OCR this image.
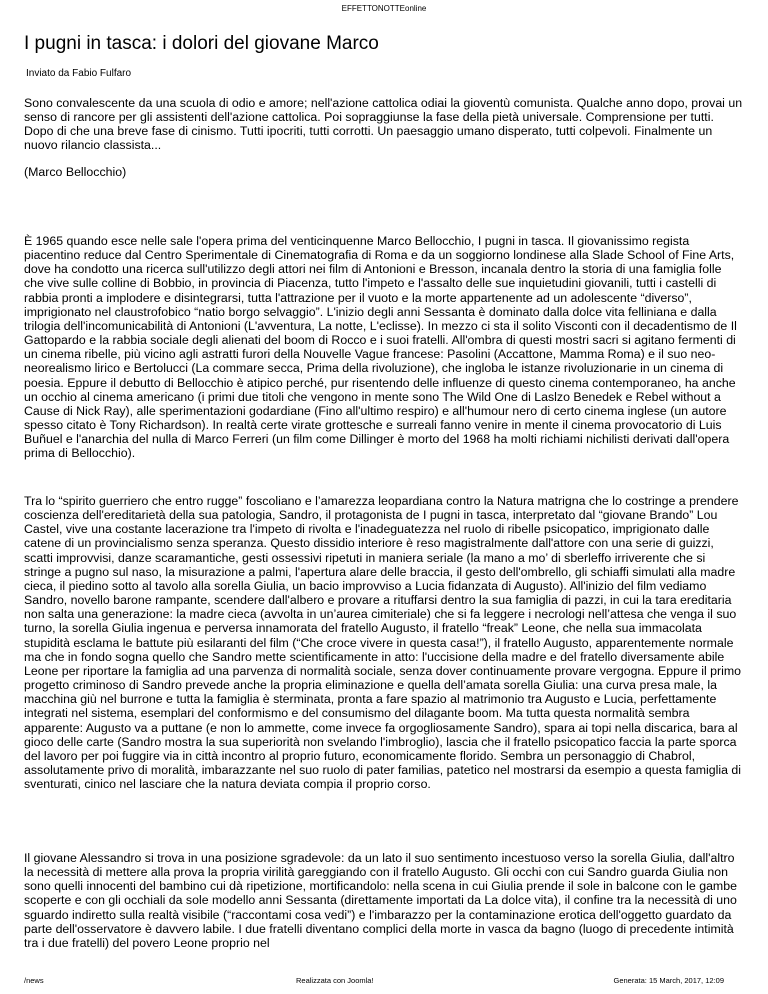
EFFETTONOTTEonline
I pugni in tasca: i dolori del giovane Marco
Inviato da Fabio Fulfaro

Sono convalescente da una scuola di odio e amore; nell'azione cattolica odiai la gioventù comunista. Qualche anno dopo, provai un senso di rancore per gli assistenti dell'azione cattolica. Poi sopraggiunse la fase della pietà universale. Comprensione per tutti. Dopo di che una breve fase di cinismo. Tutti ipocriti, tutti corrotti. Un paesaggio umano disperato, tutti colpevoli. Finalmente un nuovo rilancio classista...

(Marco Bellocchio)

È 1965 quando esce nelle sale l'opera prima del venticinquenne Marco Bellocchio, I pugni in tasca. Il giovanissimo regista piacentino reduce dal Centro Sperimentale di Cinematografia di Roma e da un soggiorno londinese alla Slade School of Fine Arts, dove ha condotto una ricerca sull'utilizzo degli attori nei film di Antonioni e Bresson, incanala dentro la storia di una famiglia folle che vive sulle colline di Bobbio, in provincia di Piacenza, tutto l'impeto e l'assalto delle sue inquietudini giovanili, tutti i castelli di rabbia pronti a implodere e disintegrarsi, tutta l'attrazione per il vuoto e la morte appartenente ad un adolescente “diverso”, imprigionato nel claustrofobico “natio borgo selvaggio”. L'inizio degli anni Sessanta è dominato dalla dolce vita felliniana e dalla trilogia dell'incomunicabilità di Antonioni (L'avventura, La notte, L'eclisse). In mezzo ci sta il solito Visconti con il decadentismo de Il Gattopardo e la rabbia sociale degli alienati del boom di Rocco e i suoi fratelli. All'ombra di questi mostri sacri si agitano fermenti di un cinema ribelle, più vicino agli astratti furori della Nouvelle Vague francese: Pasolini (Accattone, Mamma Roma) e il suo neo-neorealismo lirico e Bertolucci (La commare secca, Prima della rivoluzione), che ingloba le istanze rivoluzionarie in un cinema di poesia. Eppure il debutto di Bellocchio è atipico perché, pur risentendo delle influenze di questo cinema contemporaneo, ha anche un occhio al cinema americano (i primi due titoli che vengono in mente sono The Wild One di Laslzo Benedek e Rebel without a Cause di Nick Ray), alle sperimentazioni godardiane (Fino all'ultimo respiro) e all'humour nero di certo cinema inglese (un autore spesso citato è Tony Richardson). In realtà certe virate grottesche e surreali fanno venire in mente il cinema provocatorio di Luis Buñuel e l'anarchia del nulla di Marco Ferreri (un film come Dillinger è morto del 1968 ha molti richiami nichilisti derivati dall'opera prima di Bellocchio).

Tra lo “spirito guerriero che entro rugge” foscoliano e l’amarezza leopardiana contro la Natura matrigna che lo costringe a prendere coscienza dell'ereditarietà della sua patologia, Sandro, il protagonista de I pugni in tasca, interpretato dal “giovane Brando” Lou Castel, vive una costante lacerazione tra l'impeto di rivolta e l'inadeguatezza nel ruolo di ribelle psicopatico, imprigionato dalle catene di un provincialismo senza speranza. Questo dissidio interiore è reso magistralmente dall'attore con una serie di guizzi, scatti improvvisi, danze scaramantiche, gesti ossessivi ripetuti in maniera seriale (la mano a mo’ di sberleffo irriverente che si stringe a pugno sul naso, la misurazione a palmi, l'apertura alare delle braccia, il gesto dell'ombrello, gli schiaffi simulati alla madre cieca, il piedino sotto al tavolo alla sorella Giulia, un bacio improvviso a Lucia fidanzata di Augusto). All'inizio del film vediamo Sandro, novello barone rampante, scendere dall'albero e provare a rituffarsi dentro la sua famiglia di pazzi, in cui la tara ereditaria non salta una generazione: la madre cieca (avvolta in un’aurea cimiteriale) che si fa leggere i necrologi nell’attesa che venga il suo turno, la sorella Giulia ingenua e perversa innamorata del fratello Augusto, il fratello “freak” Leone, che nella sua immacolata stupidità esclama le battute più esilaranti del film (“Che croce vivere in questa casa!”), il fratello Augusto, apparentemente normale ma che in fondo sogna quello che Sandro mette scientificamente in atto: l'uccisione della madre e del fratello diversamente abile Leone per riportare la famiglia ad una parvenza di normalità sociale, senza dover continuamente provare vergogna. Eppure il primo progetto criminoso di Sandro prevede anche la propria eliminazione e quella dell’amata sorella Giulia: una curva presa male, la macchina giù nel burrone e tutta la famiglia è sterminata, pronta a fare spazio al matrimonio tra Augusto e Lucia, perfettamente integrati nel sistema, esemplari del conformismo e del consumismo del dilagante boom. Ma tutta questa normalità sembra apparente: Augusto va a puttane (e non lo ammette, come invece fa orgogliosamente Sandro), spara ai topi nella discarica, bara al gioco delle carte (Sandro mostra la sua superiorità non svelando l'imbroglio), lascia che il fratello psicopatico faccia la parte sporca del lavoro per poi fuggire via in città incontro al proprio futuro, economicamente florido. Sembra un personaggio di Chabrol, assolutamente privo di moralità, imbarazzante nel suo ruolo di pater familias, patetico nel mostrarsi da esempio a questa famiglia di sventurati, cinico nel lasciare che la natura deviata compia il proprio corso.

Il giovane Alessandro si trova in una posizione sgradevole: da un lato il suo sentimento incestuoso verso la sorella Giulia, dall'altro la necessità di mettere alla prova la propria virilità gareggiando con il fratello Augusto. Gli occhi con cui Sandro guarda Giulia non sono quelli innocenti del bambino cui dà ripetizione, mortificandolo: nella scena in cui Giulia prende il sole in balcone con le gambe scoperte e con gli occhiali da sole modello anni Sessanta (direttamente importati da La dolce vita), il confine tra la necessità di uno sguardo indiretto sulla realtà visibile (“raccontami cosa vedi”) e l'imbarazzo per la contaminazione erotica dell'oggetto guardato da parte dell'osservatore è davvero labile. I due fratelli diventano complici della morte in vasca da bagno (luogo di precedente intimità tra i due fratelli) del povero Leone proprio nel

/news	Realizzata con Joomla!	Generata: 15 March, 2017, 12:09
